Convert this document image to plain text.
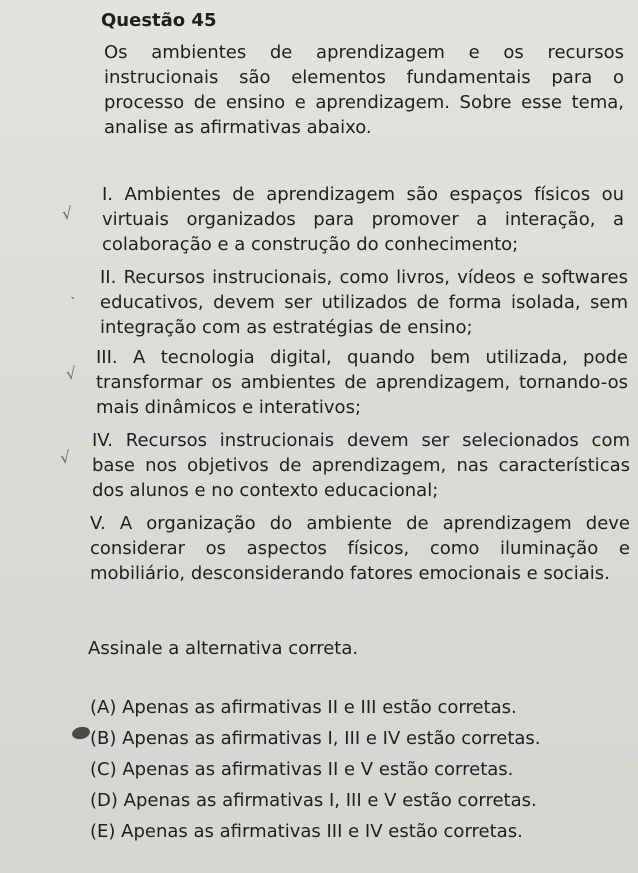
Questão 45
Os ambientes de aprendizagem e os recursos instrucionais são elementos fundamentais para o processo de ensino e aprendizagem. Sobre esse tema, analise as afirmativas abaixo.
√
I. Ambientes de aprendizagem são espaços físicos ou virtuais organizados para promover a interação, a colaboração e a construção do conhecimento;
、
II. Recursos instrucionais, como livros, vídeos e softwares educativos, devem ser utilizados de forma isolada, sem integração com as estratégias de ensino;
√
III. A tecnologia digital, quando bem utilizada, pode transformar os ambientes de aprendizagem, tornando-os mais dinâmicos e interativos;
√
IV. Recursos instrucionais devem ser selecionados com base nos objetivos de aprendizagem, nas características dos alunos e no contexto educacional;
V. A organização do ambiente de aprendizagem deve considerar os aspectos físicos, como iluminação e mobiliário, desconsiderando fatores emocionais e sociais.
Assinale a alternativa correta.
(A) Apenas as afirmativas II e III estão corretas.
(B) Apenas as afirmativas I, III e IV estão corretas.
(C) Apenas as afirmativas II e V estão corretas.
(D) Apenas as afirmativas I, III e V estão corretas.
(E) Apenas as afirmativas III e IV estão corretas.
